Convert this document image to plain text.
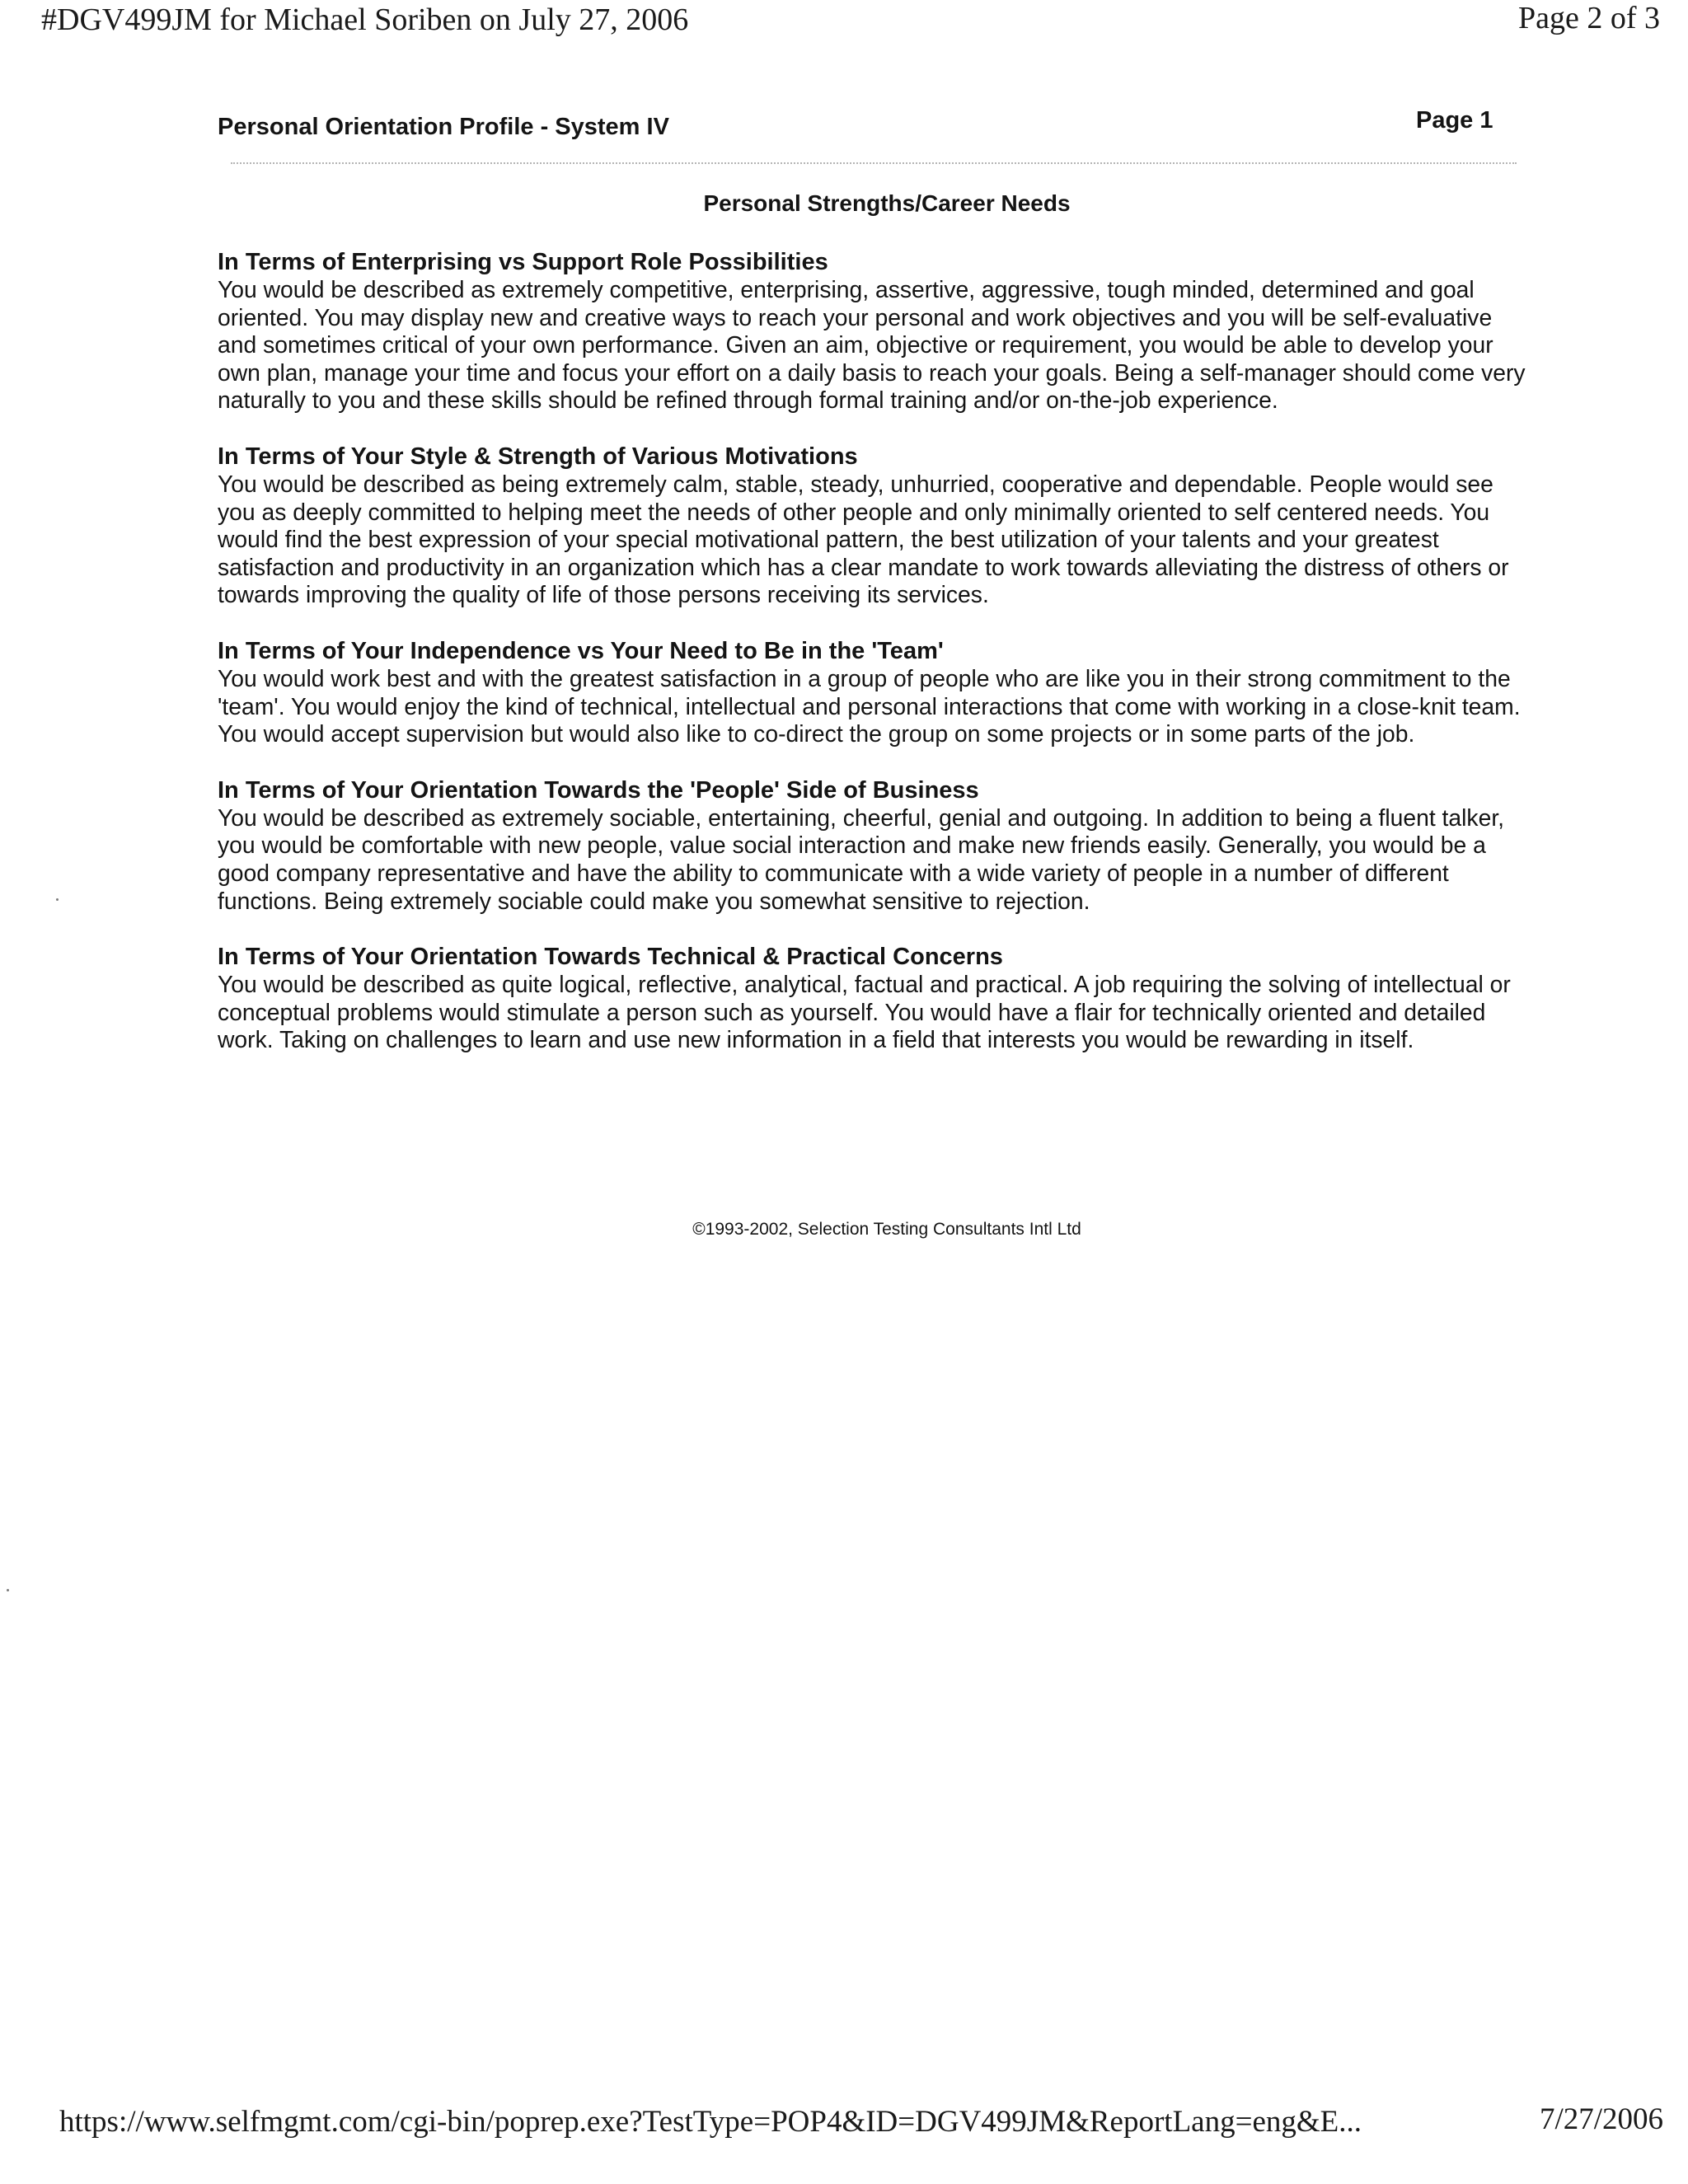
#DGV499JM for Michael Soriben on July 27, 2006	Page 2 of 3
Personal Orientation Profile - System IV	Page 1
Personal Strengths/Career Needs
In Terms of Enterprising vs Support Role Possibilities

You would be described as extremely competitive, enterprising, assertive, aggressive, tough minded, determined and goal oriented. You may display new and creative ways to reach your personal and work objectives and you will be self-evaluative and sometimes critical of your own performance. Given an aim, objective or requirement, you would be able to develop your own plan, manage your time and focus your effort on a daily basis to reach your goals. Being a self-manager should come very naturally to you and these skills should be refined through formal training and/or on-the-job experience.

In Terms of Your Style & Strength of Various Motivations

You would be described as being extremely calm, stable, steady, unhurried, cooperative and dependable. People would see you as deeply committed to helping meet the needs of other people and only minimally oriented to self centered needs. You would find the best expression of your special motivational pattern, the best utilization of your talents and your greatest satisfaction and productivity in an organization which has a clear mandate to work towards alleviating the distress of others or towards improving the quality of life of those persons receiving its services.

In Terms of Your Independence vs Your Need to Be in the 'Team'

You would work best and with the greatest satisfaction in a group of people who are like you in their strong commitment to the 'team'. You would enjoy the kind of technical, intellectual and personal interactions that come with working in a close-knit team. You would accept supervision but would also like to co-direct the group on some projects or in some parts of the job.

In Terms of Your Orientation Towards the 'People' Side of Business

You would be described as extremely sociable, entertaining, cheerful, genial and outgoing. In addition to being a fluent talker, you would be comfortable with new people, value social interaction and make new friends easily. Generally, you would be a good company representative and have the ability to communicate with a wide variety of people in a number of different functions. Being extremely sociable could make you somewhat sensitive to rejection.

In Terms of Your Orientation Towards Technical & Practical Concerns

You would be described as quite logical, reflective, analytical, factual and practical. A job requiring the solving of intellectual or conceptual problems would stimulate a person such as yourself. You would have a flair for technically oriented and detailed work. Taking on challenges to learn and use new information in a field that interests you would be rewarding in itself.

©1993-2002, Selection Testing Consultants Intl Ltd
https://www.selfmgmt.com/cgi-bin/poprep.exe?TestType=POP4&ID=DGV499JM&ReportLang=eng&E...	7/27/2006
